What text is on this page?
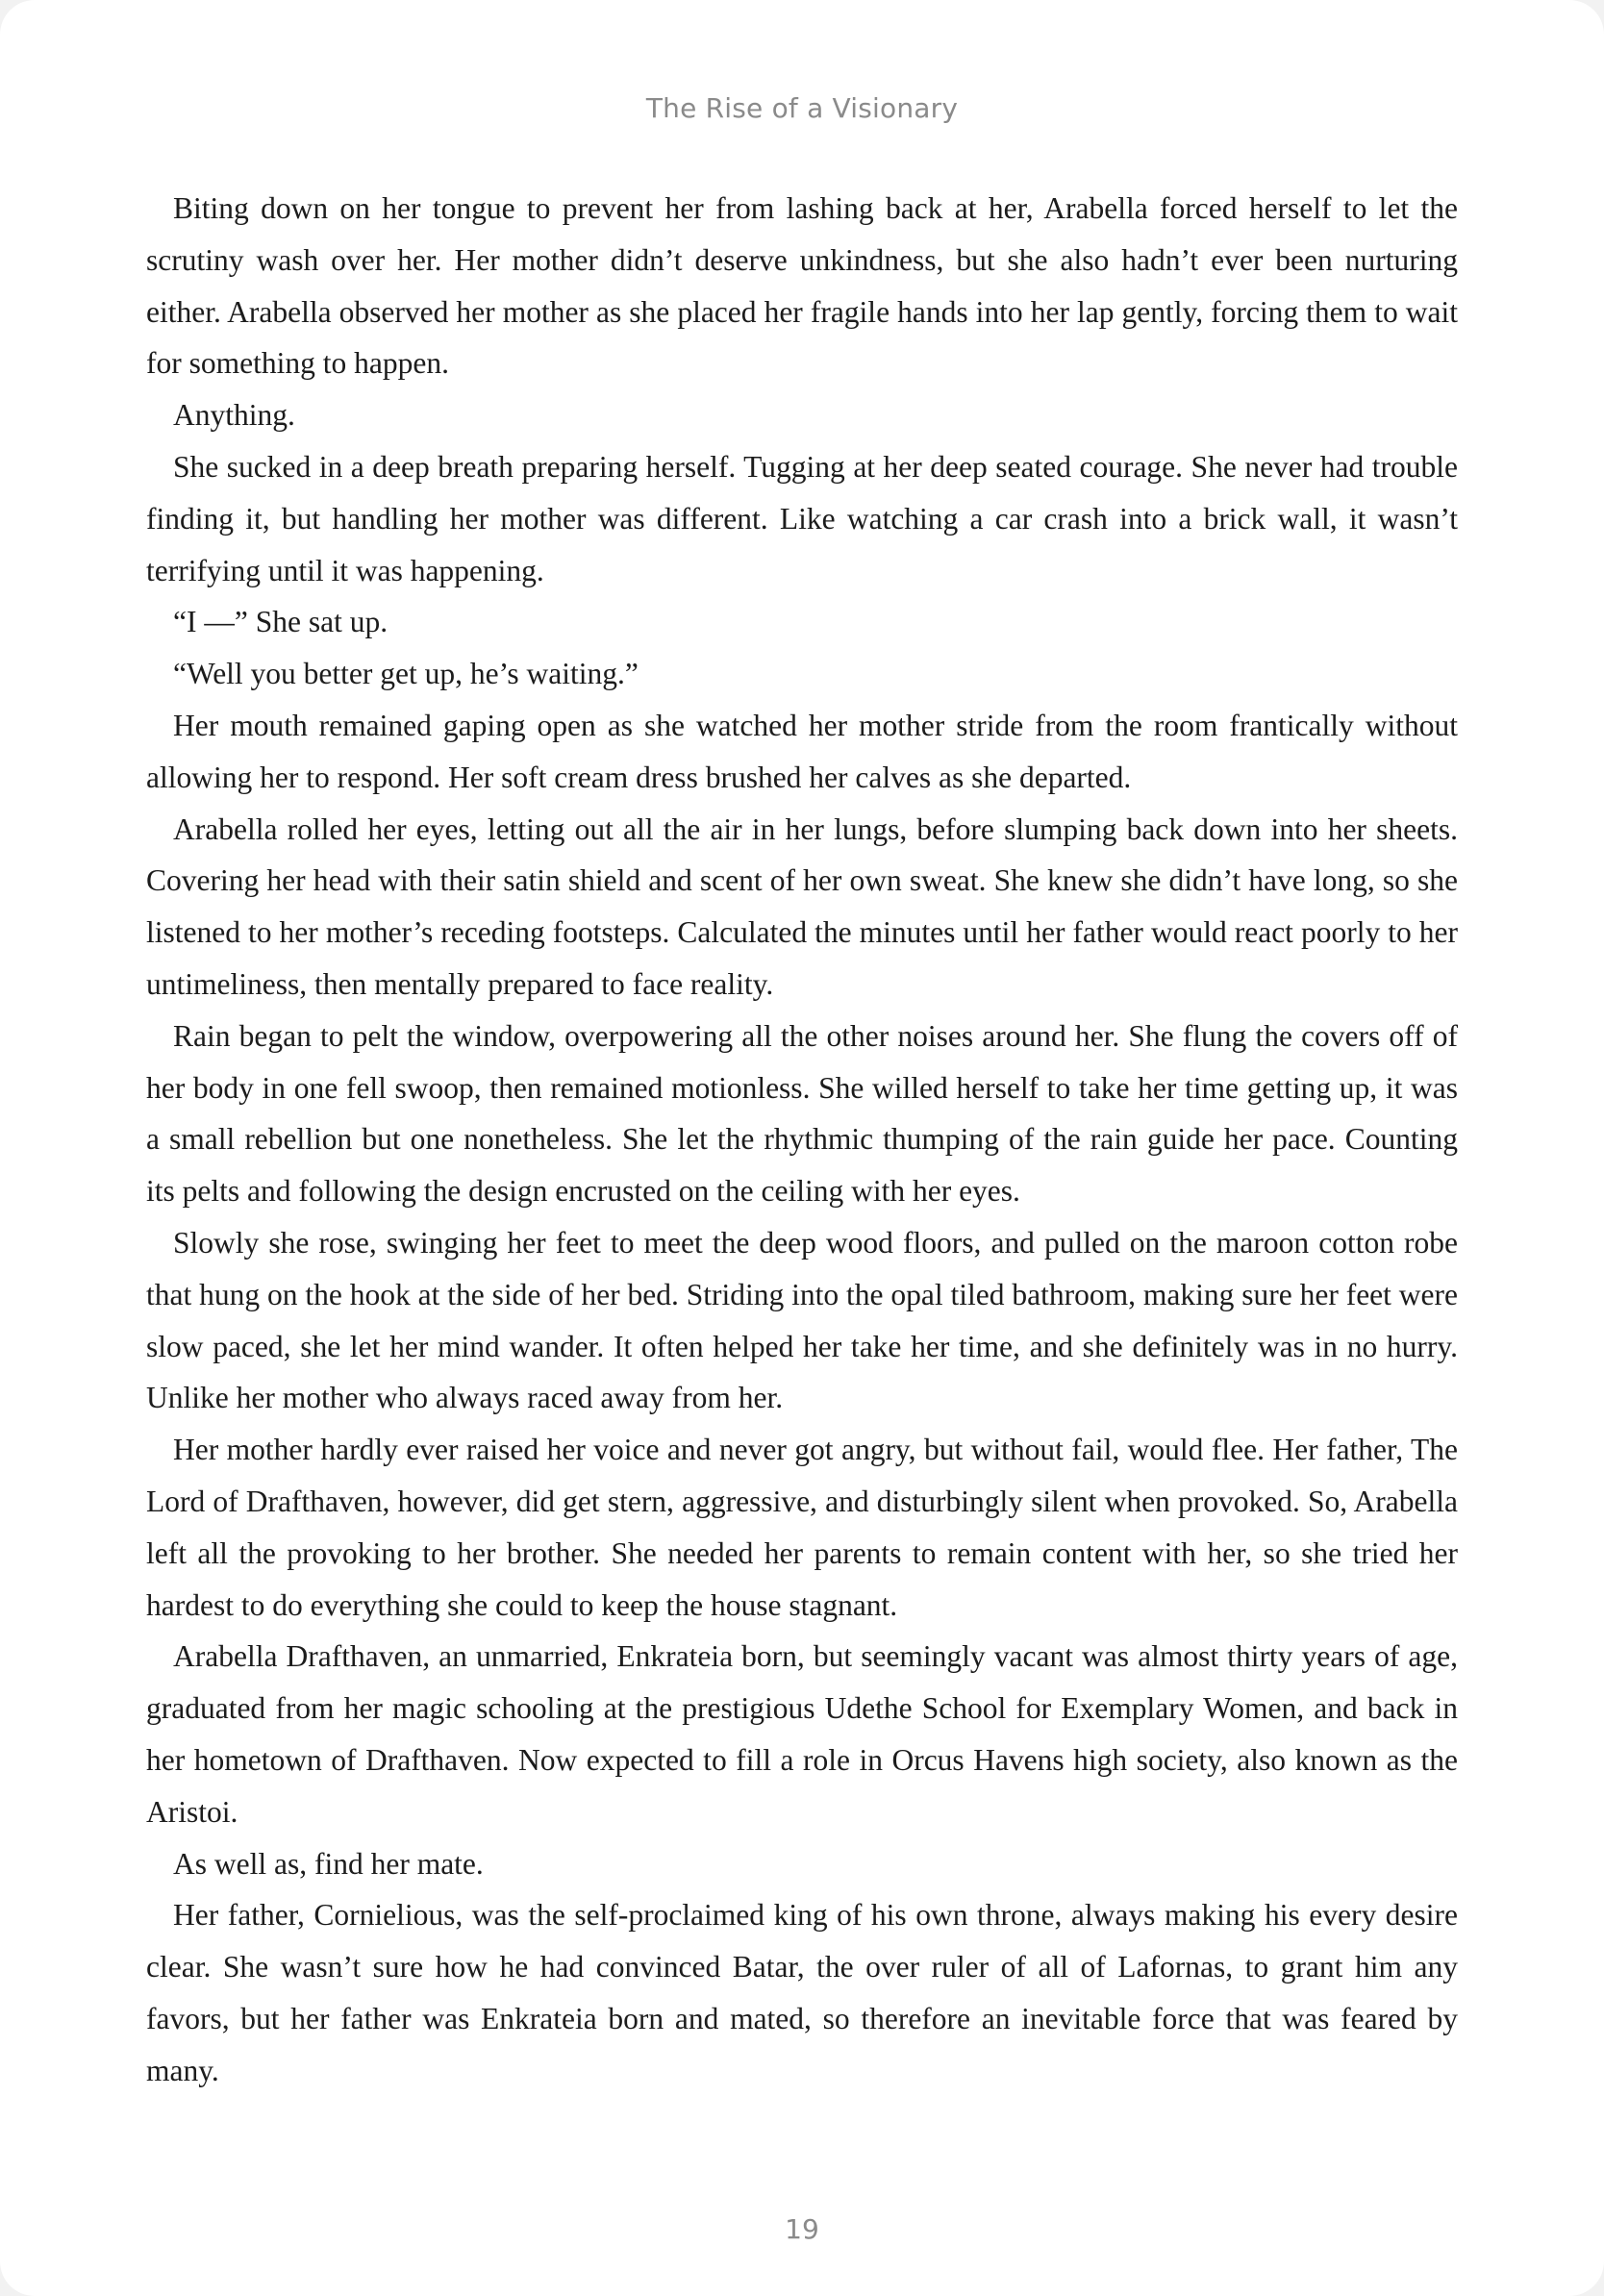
The Rise of a Visionary

Biting down on her tongue to prevent her from lashing back at her, Arabella forced herself to let the scrutiny wash over her. Her mother didn’t deserve unkindness, but she also hadn’t ever been nurturing either. Arabella observed her mother as she placed her fragile hands into her lap gently, forcing them to wait for something to happen.

Anything.

She sucked in a deep breath preparing herself. Tugging at her deep seated courage. She never had trouble finding it, but handling her mother was different. Like watching a car crash into a brick wall, it wasn’t terrifying until it was happening.

“I —” She sat up.

“Well you better get up, he’s waiting.”

Her mouth remained gaping open as she watched her mother stride from the room frantically without allowing her to respond. Her soft cream dress brushed her calves as she departed.

Arabella rolled her eyes, letting out all the air in her lungs, before slumping back down into her sheets. Covering her head with their satin shield and scent of her own sweat. She knew she didn’t have long, so she listened to her mother’s receding footsteps. Calculated the minutes until her father would react poorly to her untimeliness, then mentally prepared to face reality.

Rain began to pelt the window, overpowering all the other noises around her. She flung the covers off of her body in one fell swoop, then remained motionless. She willed herself to take her time getting up, it was a small rebellion but one nonetheless. She let the rhythmic thumping of the rain guide her pace. Counting its pelts and following the design encrusted on the ceiling with her eyes.

Slowly she rose, swinging her feet to meet the deep wood floors, and pulled on the maroon cotton robe that hung on the hook at the side of her bed. Striding into the opal tiled bathroom, making sure her feet were slow paced, she let her mind wander. It often helped her take her time, and she definitely was in no hurry. Unlike her mother who always raced away from her.

Her mother hardly ever raised her voice and never got angry, but without fail, would flee. Her father, The Lord of Drafthaven, however, did get stern, aggressive, and disturbingly silent when provoked. So, Arabella left all the provoking to her brother. She needed her parents to remain content with her, so she tried her hardest to do everything she could to keep the house stagnant.

Arabella Drafthaven, an unmarried, Enkrateia born, but seemingly vacant was almost thirty years of age, graduated from her magic schooling at the prestigious Udethe School for Exemplary Women, and back in her hometown of Drafthaven. Now expected to fill a role in Orcus Havens high society, also known as the Aristoi.

As well as, find her mate.

Her father, Cornielious, was the self-proclaimed king of his own throne, always making his every desire clear. She wasn’t sure how he had convinced Batar, the over ruler of all of Lafornas, to grant him any favors, but her father was Enkrateia born and mated, so therefore an inevitable force that was feared by many.

19
